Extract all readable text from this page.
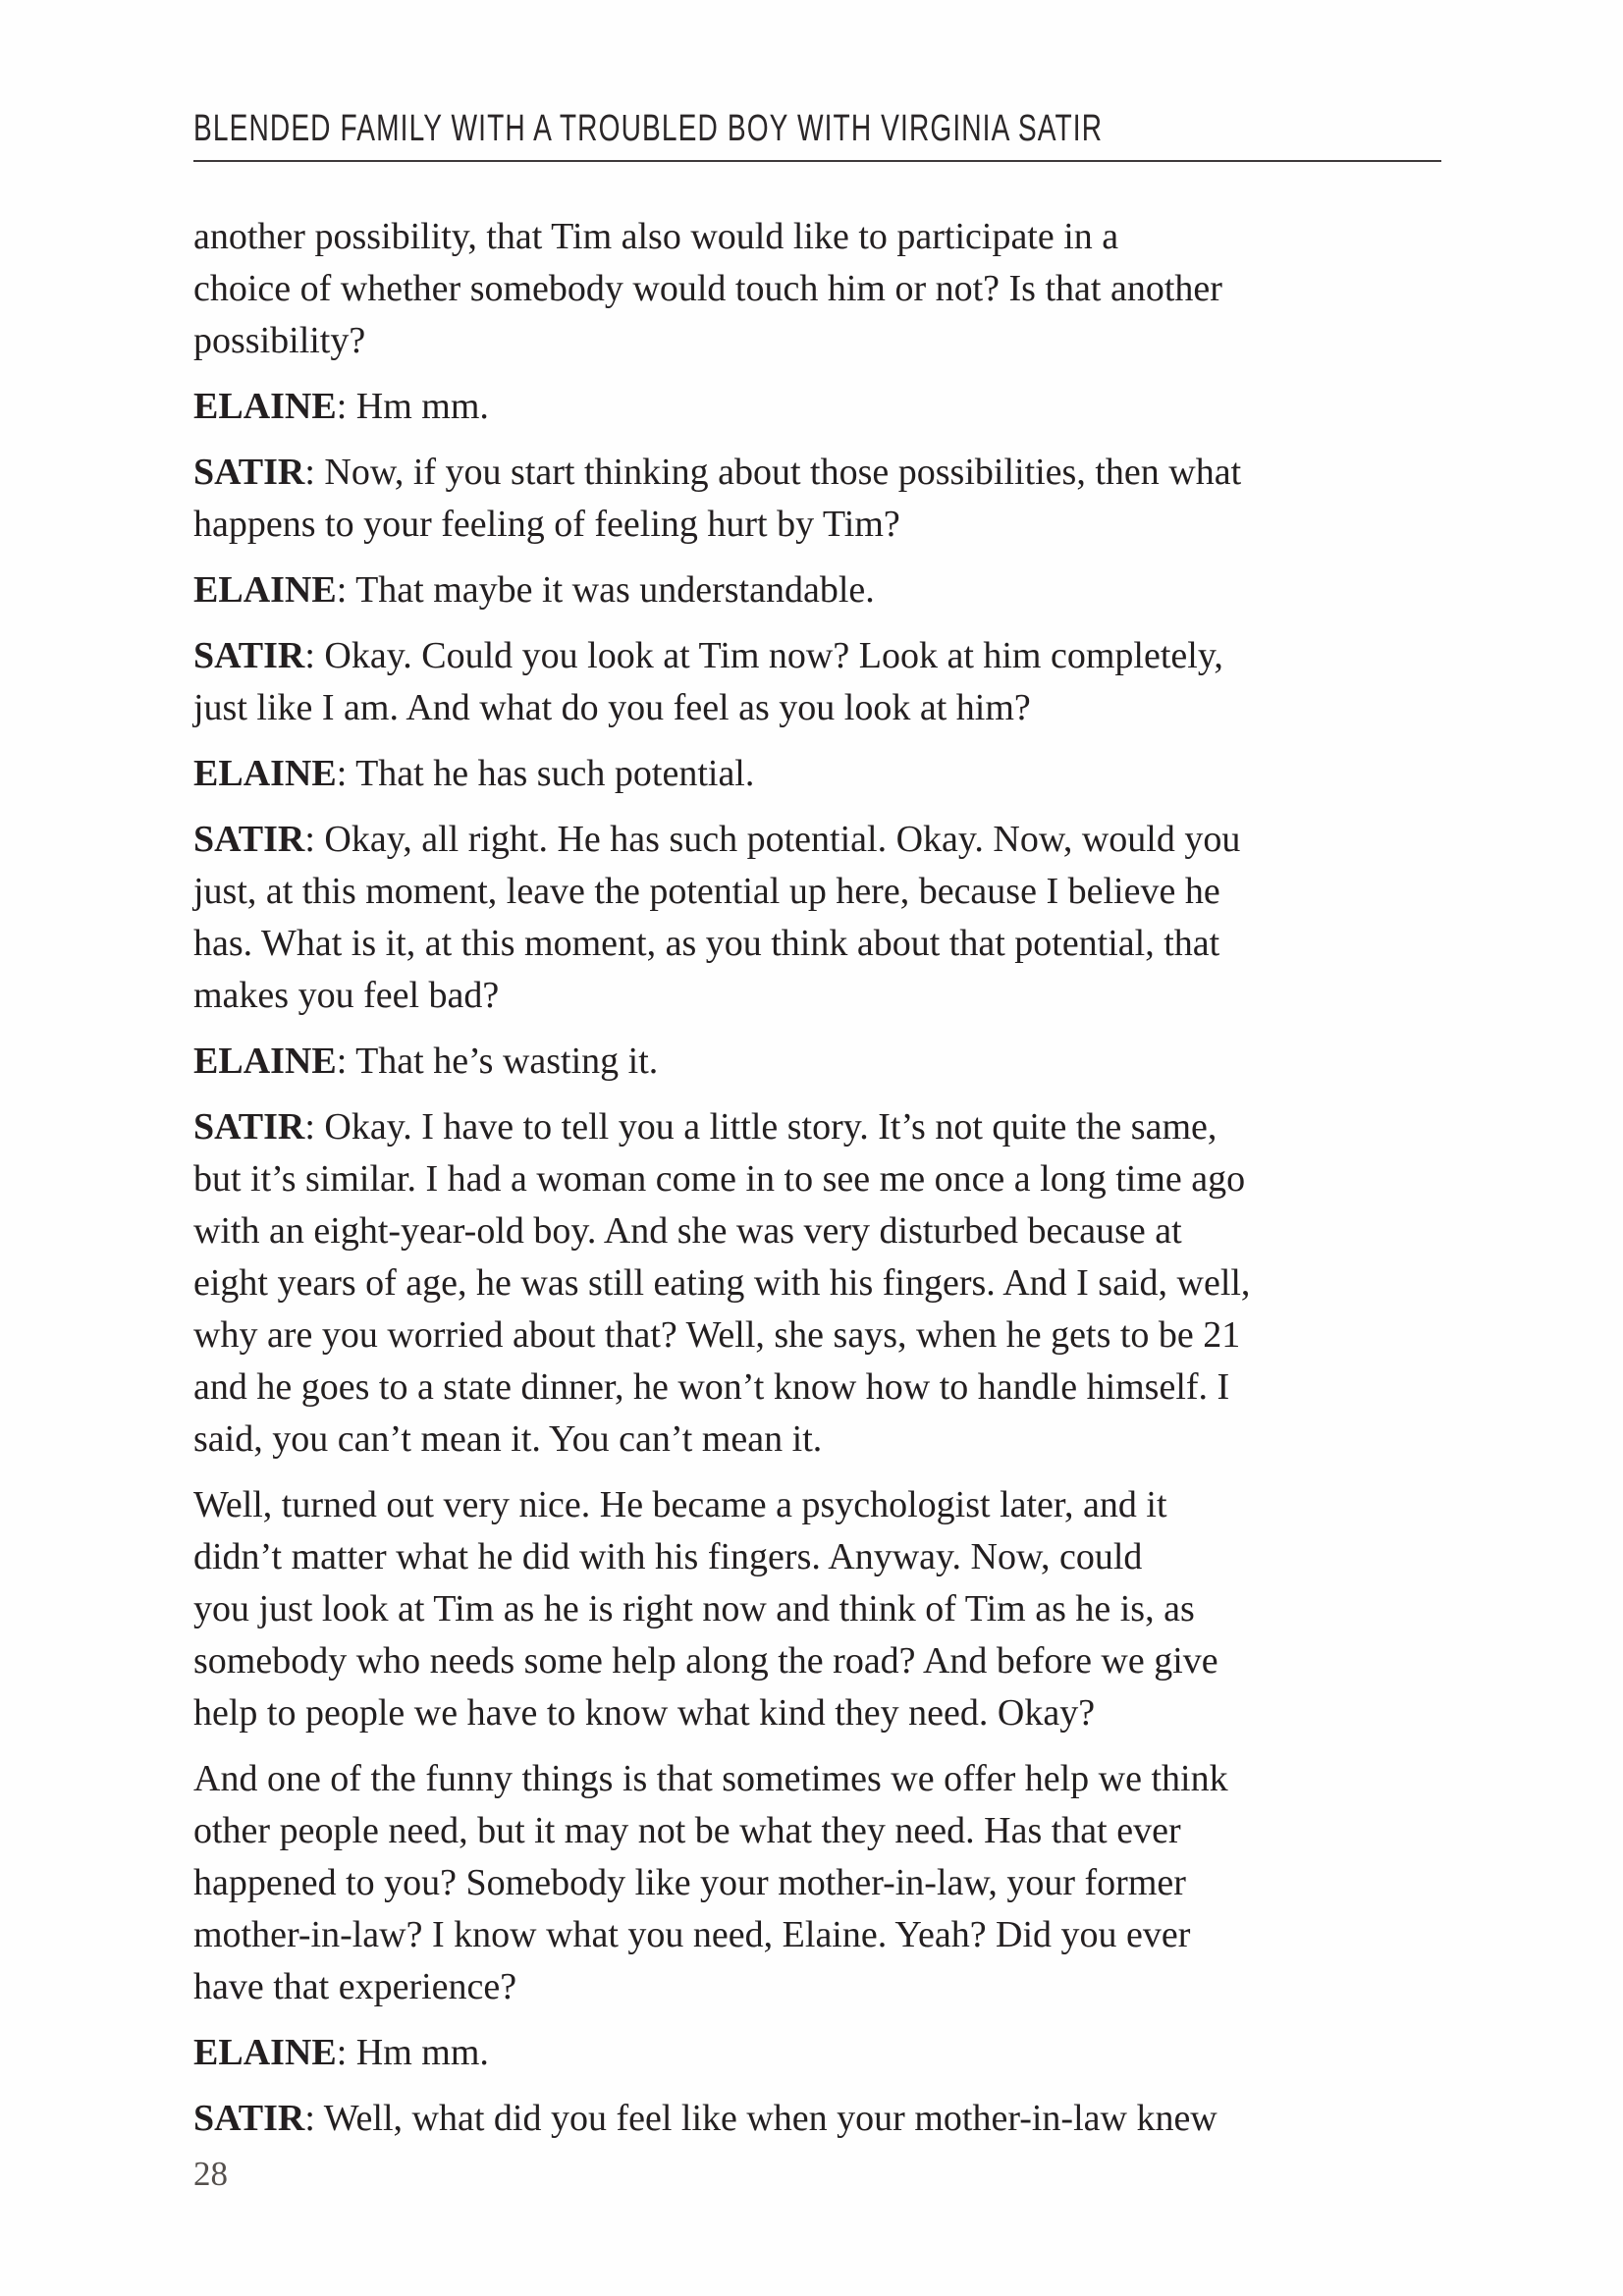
BLENDED FAMILY WITH A TROUBLED BOY WITH VIRGINIA SATIR

another possibility, that Tim also would like to participate in a
choice of whether somebody would touch him or not? Is that another
possibility?

ELAINE: Hm mm.

SATIR: Now, if you start thinking about those possibilities, then what
happens to your feeling of feeling hurt by Tim?

ELAINE: That maybe it was understandable.

SATIR: Okay. Could you look at Tim now? Look at him completely,
just like I am. And what do you feel as you look at him?

ELAINE: That he has such potential.

SATIR: Okay, all right. He has such potential. Okay. Now, would you
just, at this moment, leave the potential up here, because I believe he
has. What is it, at this moment, as you think about that potential, that
makes you feel bad?

ELAINE: That he’s wasting it.

SATIR: Okay. I have to tell you a little story. It’s not quite the same,
but it’s similar. I had a woman come in to see me once a long time ago
with an eight-year-old boy. And she was very disturbed because at
eight years of age, he was still eating with his fingers. And I said, well,
why are you worried about that? Well, she says, when he gets to be 21
and he goes to a state dinner, he won’t know how to handle himself. I
said, you can’t mean it. You can’t mean it.

Well, turned out very nice. He became a psychologist later, and it
didn’t matter what he did with his fingers. Anyway. Now, could
you just look at Tim as he is right now and think of Tim as he is, as
somebody who needs some help along the road? And before we give
help to people we have to know what kind they need. Okay?

And one of the funny things is that sometimes we offer help we think
other people need, but it may not be what they need. Has that ever
happened to you? Somebody like your mother-in-law, your former
mother-in-law? I know what you need, Elaine. Yeah? Did you ever
have that experience?

ELAINE: Hm mm.

SATIR: Well, what did you feel like when your mother-in-law knew

28
